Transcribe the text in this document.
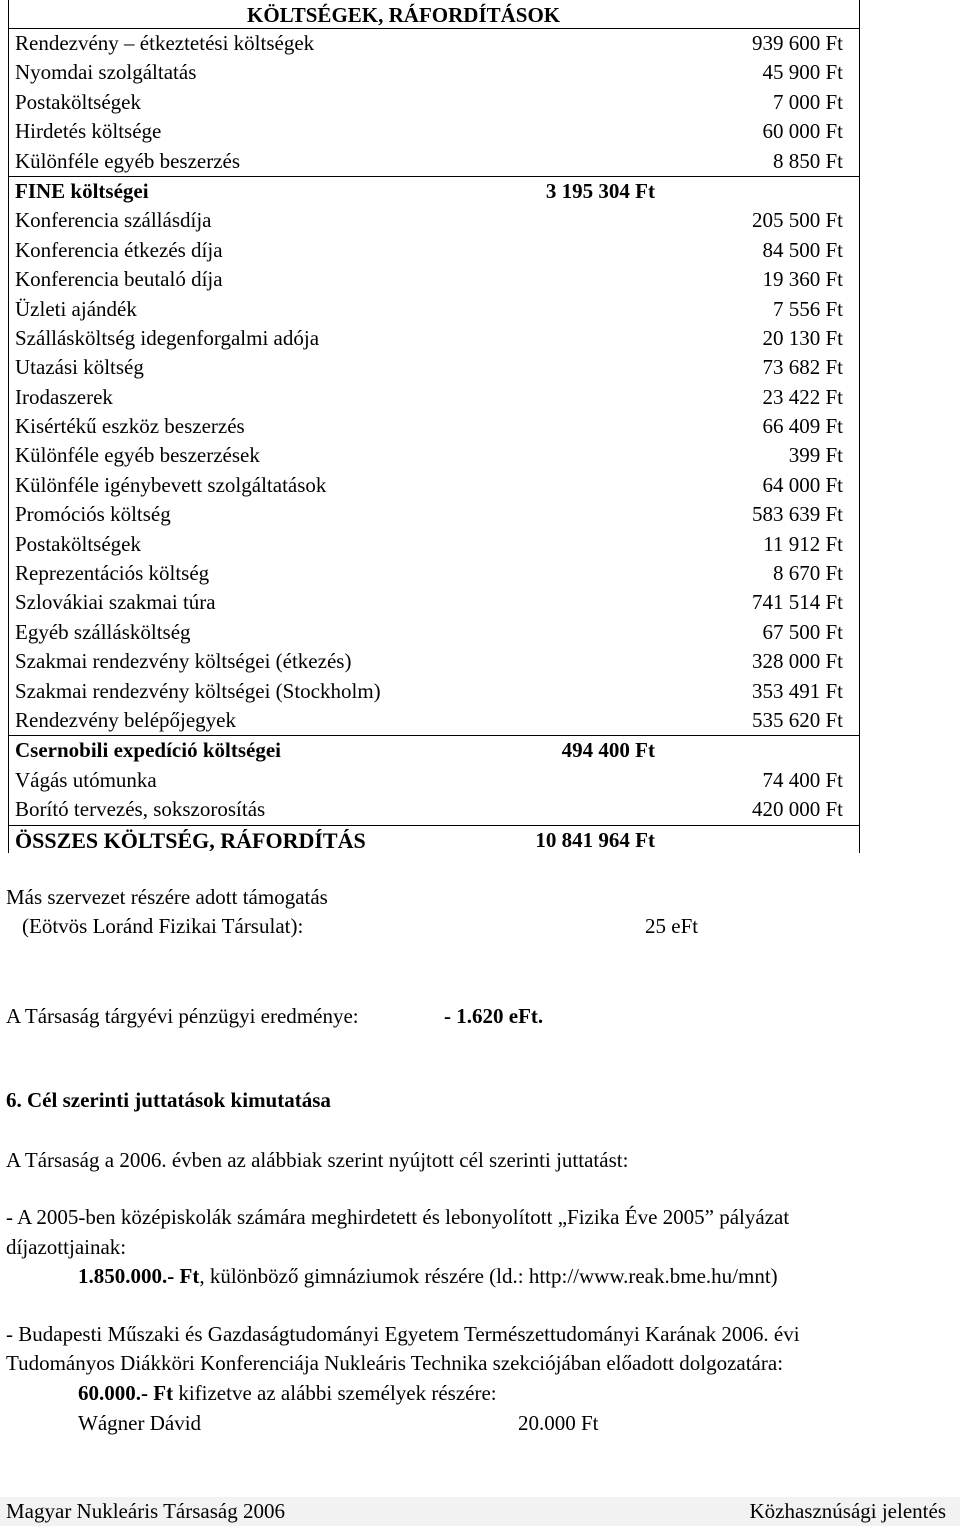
KÖLTSÉGEK, RÁFORDÍTÁSOK
Rendezvény – étkeztetési költségek	939 600 Ft
Nyomdai szolgáltatás	45 900 Ft
Postaköltségek	7 000 Ft
Hirdetés költsége	60 000 Ft
Különféle egyéb beszerzés	8 850 Ft
FINE költségei	3 195 304 Ft
Konferencia szállásdíja	205 500 Ft
Konferencia étkezés díja	84 500 Ft
Konferencia beutaló díja	19 360 Ft
Üzleti ajándék	7 556 Ft
Szállásköltség idegenforgalmi adója	20 130 Ft
Utazási költség	73 682 Ft
Irodaszerek	23 422 Ft
Kisértékű eszköz beszerzés	66 409 Ft
Különféle egyéb beszerzések	399 Ft
Különféle igénybevett szolgáltatások	64 000 Ft
Promóciós költség	583 639 Ft
Postaköltségek	11 912 Ft
Reprezentációs költség	8 670 Ft
Szlovákiai szakmai túra	741 514 Ft
Egyéb szállásköltség	67 500 Ft
Szakmai rendezvény költségei (étkezés)	328 000 Ft
Szakmai rendezvény költségei (Stockholm)	353 491 Ft
Rendezvény belépőjegyek	535 620 Ft
Csernobili expedíció költségei	494 400 Ft
Vágás utómunka	74 400 Ft
Borító tervezés, sokszorosítás	420 000 Ft
ÖSSZES KÖLTSÉG, RÁFORDÍTÁS	10 841 964 Ft
Más szervezet részére adott támogatás
(Eötvös Loránd Fizikai Társulat):	25 eFt
A Társaság tárgyévi pénzügyi eredménye:	- 1.620 eFt.
6. Cél szerinti juttatások kimutatása
A Társaság a 2006. évben az alábbiak szerint nyújtott cél szerinti juttatást:
- A 2005-ben középiskolák számára meghirdetett és lebonyolított „Fizika Éve 2005” pályázat
díjazottjainak:
1.850.000.- Ft, különböző gimnáziumok részére (ld.: http://www.reak.bme.hu/mnt)
- Budapesti Műszaki és Gazdaságtudományi Egyetem Természettudományi Karának 2006. évi
Tudományos Diákköri Konferenciája Nukleáris Technika szekciójában előadott dolgozatára:
60.000.- Ft kifizetve az alábbi személyek részére:
Wágner Dávid	20.000 Ft
Magyar Nukleáris Társaság 2006	Közhasznúsági jelentés
